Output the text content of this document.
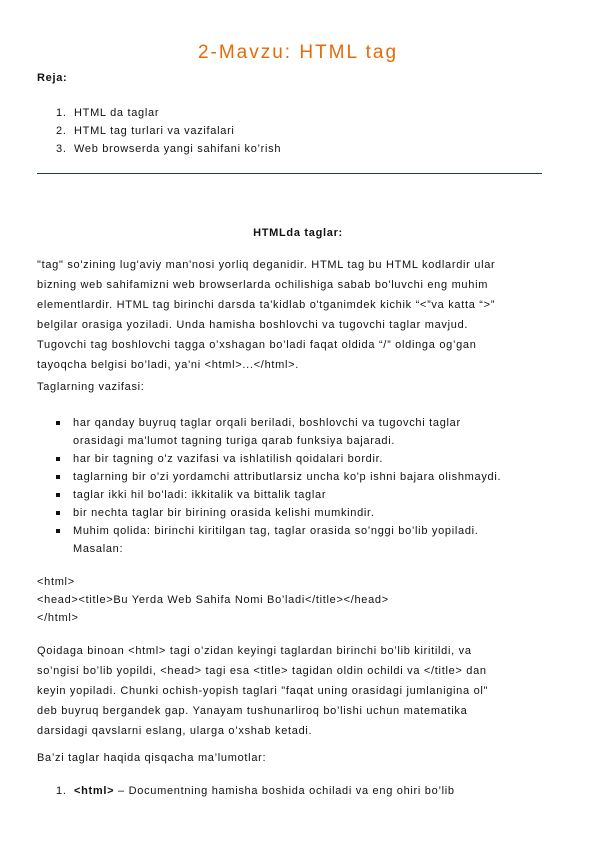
2-Mavzu: HTML tag
Reja:
1. HTML da taglar
2. HTML tag turlari va vazifalari
3. Web browserda yangi sahifani ko’rish
HTMLda taglar:

"tag" so'zining lug'aviy man'nosi yorliq deganidir. HTML tag bu HTML kodlardir ular
bizning web sahifamizni web browserlarda ochilishiga sabab bo'luvchi eng muhim
elementlardir. HTML tag birinchi darsda ta'kidlab o'tganimdek kichik “<”va katta “>”
belgilar orasiga yoziladi. Unda hamisha boshlovchi va tugovchi taglar mavjud.
Tugovchi tag boshlovchi tagga o’xshagan bo’ladi faqat oldida “/” oldinga og’gan
tayoqcha belgisi bo’ladi, ya'ni <html>...</html>.

Taglarning vazifasi:

har qanday buyruq taglar orqali beriladi, boshlovchi va tugovchi taglar
orasidagi ma'lumot tagning turiga qarab funksiya bajaradi.
har bir tagning o'z vazifasi va ishlatilish qoidalari bordir.
taglarning bir o'zi yordamchi attributlarsiz uncha ko'p ishni bajara olishmaydi.
taglar ikki hil bo'ladi: ikkitalik va bittalik taglar
bir nechta taglar bir birining orasida kelishi mumkindir.
Muhim qolida: birinchi kiritilgan tag, taglar orasida so’nggi bo’lib yopiladi.
Masalan:
<html>
<head><title>Bu Yerda Web Sahifa Nomi Bo’ladi</title></head>
</html>

Qoidaga binoan <html> tagi o’zidan keyingi taglardan birinchi bo’lib kiritildi, va
so’ngisi bo’lib yopildi, <head> tagi esa <title> tagidan oldin ochildi va </title> dan
keyin yopiladi. Chunki ochish-yopish taglari "faqat uning orasidagi jumlanigina ol"
deb buyruq bergandek gap. Yanayam tushunarliroq bo’lishi uchun matematika
darsidagi qavslarni eslang, ularga o’xshab ketadi.

Ba’zi taglar haqida qisqacha ma’lumotlar:

1. <html> – Documentning hamisha boshida ochiladi va eng ohiri bo’lib
